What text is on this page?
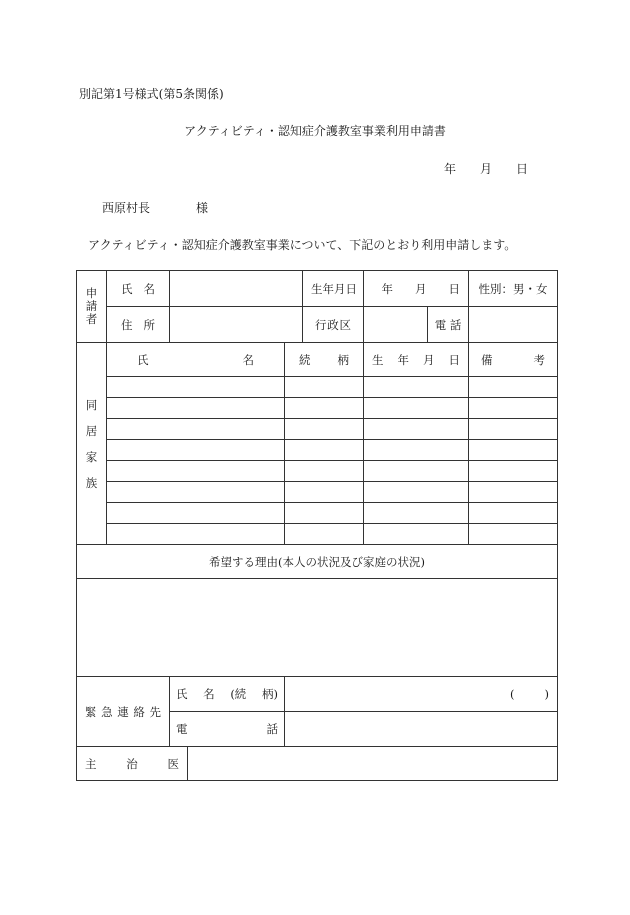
別記第1号様式(第5条関係)
アクティビティ・認知症介護教室事業利用申請書
年 月 日
西原村長	様
アクティビティ・認知症介護教室事業について、下記のとおり利用申請します。
申
請
者	氏 名				生 年 月 日	年 月 日		性別：男・女

	住 所				行 政 区		電 話	

同
居
家
族	氏 名			続 柄		生 年 月 日		備 考

希望する理由(本人の状況及び家庭の状況)								

緊 急 連 絡 先		氏 名 (続 柄)		( )				

		電 話						

主 治 医								
